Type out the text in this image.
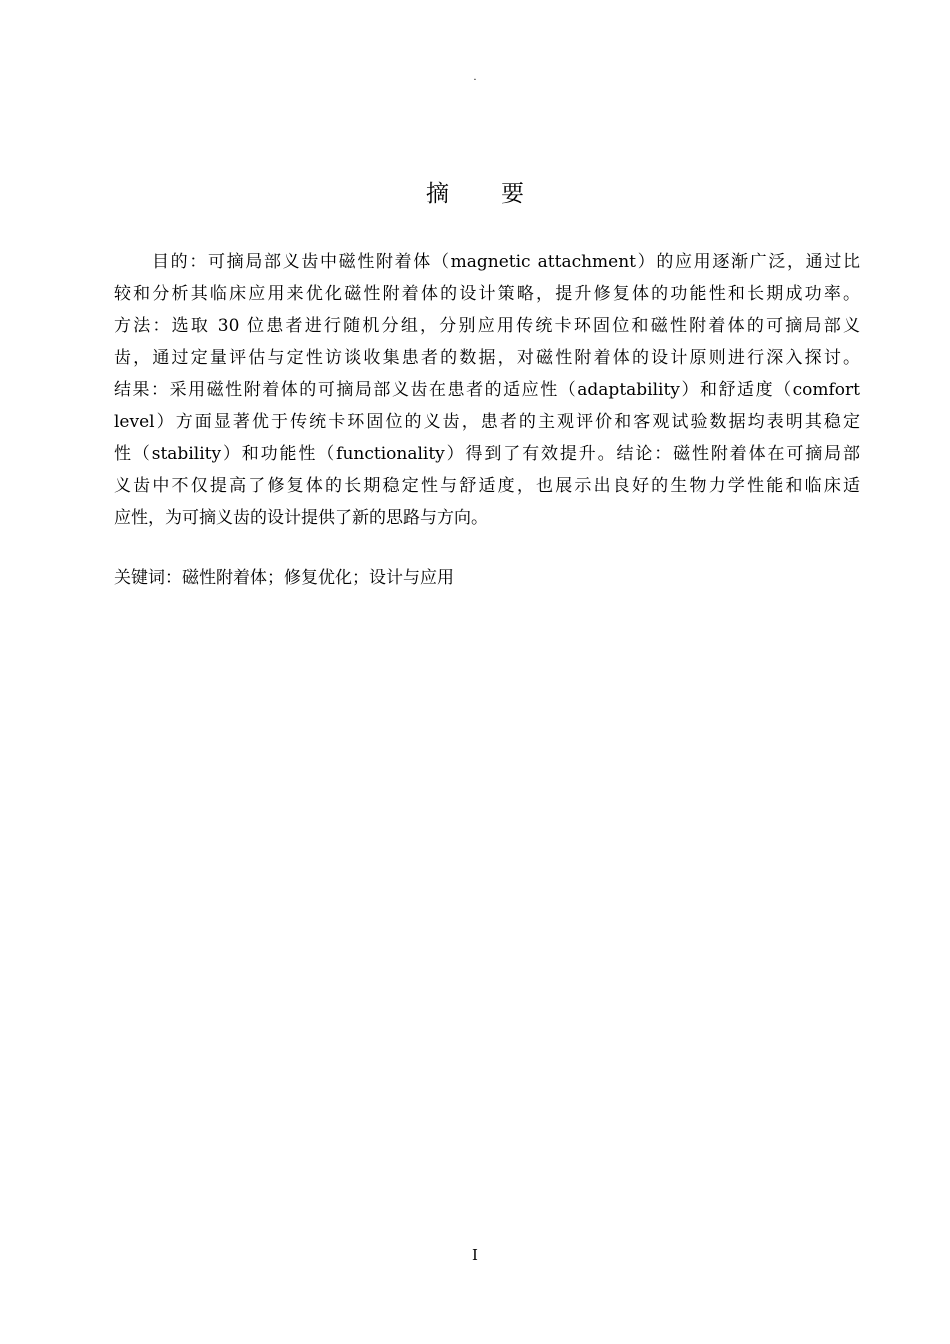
.
摘 要
目的：可摘局部义齿中磁性附着体（magnetic attachment）的应用逐渐广泛，通过比
较和分析其临床应用来优化磁性附着体的设计策略，提升修复体的功能性和长期成功率。
方法：选取 30 位患者进行随机分组，分别应用传统卡环固位和磁性附着体的可摘局部义
齿，通过定量评估与定性访谈收集患者的数据，对磁性附着体的设计原则进行深入探讨。
结果：采用磁性附着体的可摘局部义齿在患者的适应性（adaptability）和舒适度（comfort
level）方面显著优于传统卡环固位的义齿，患者的主观评价和客观试验数据均表明其稳定
性（stability）和功能性（functionality）得到了有效提升。结论：磁性附着体在可摘局部
义齿中不仅提高了修复体的长期稳定性与舒适度，也展示出良好的生物力学性能和临床适
应性，为可摘义齿的设计提供了新的思路与方向。
关键词：磁性附着体；修复优化；设计与应用
I
